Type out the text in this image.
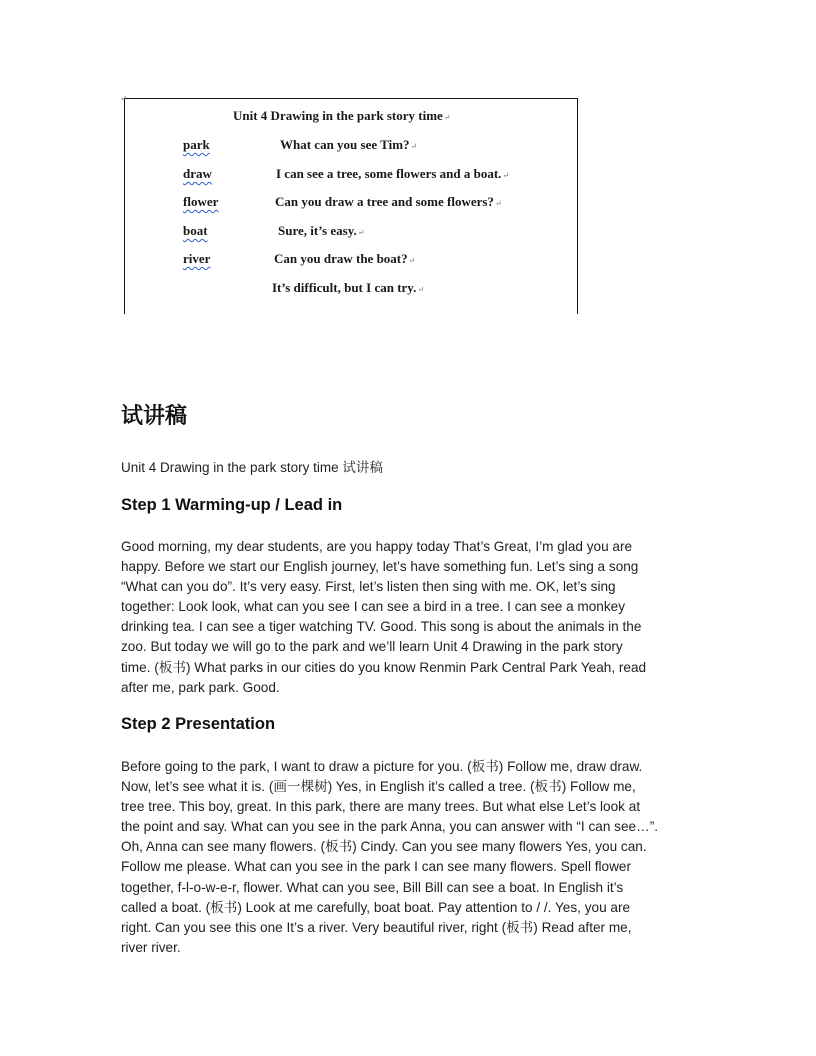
↵
Unit 4 Drawing in the park story time↵
park
draw
flower
boat
river
What can you see Tim?↵
I can see a tree, some flowers and a boat.↵
Can you draw a tree and some flowers?↵
Sure, it’s easy.↵
Can you draw the boat?↵
It’s difficult, but I can try.↵
试讲稿
Unit 4 Drawing in the park story time 试讲稿
Step 1 Warming-up / Lead in
Good morning, my dear students, are you happy today That’s Great, I’m glad you are
happy. Before we start our English journey, let’s have something fun. Let’s sing a song
“What can you do”. It’s very easy. First, let’s listen then sing with me. OK, let’s sing
together: Look look, what can you see I can see a bird in a tree. I can see a monkey
drinking tea. I can see a tiger watching TV. Good. This song is about the animals in the
zoo. But today we will go to the park and we’ll learn Unit 4 Drawing in the park story
time. (板书) What parks in our cities do you know Renmin Park Central Park Yeah, read
after me, park park. Good.
Step 2 Presentation
Before going to the park, I want to draw a picture for you. (板书) Follow me, draw draw.
Now, let’s see what it is. (画一棵树) Yes, in English it’s called a tree. (板书) Follow me,
tree tree. This boy, great. In this park, there are many trees. But what else Let’s look at
the point and say. What can you see in the park Anna, you can answer with “I can see…”.
Oh, Anna can see many flowers. (板书) Cindy. Can you see many flowers Yes, you can.
Follow me please. What can you see in the park I can see many flowers. Spell flower
together, f-l-o-w-e-r, flower. What can you see, Bill Bill can see a boat. In English it’s
called a boat. (板书) Look at me carefully, boat boat. Pay attention to / /. Yes, you are
right. Can you see this one It’s a river. Very beautiful river, right (板书) Read after me,
river river.
